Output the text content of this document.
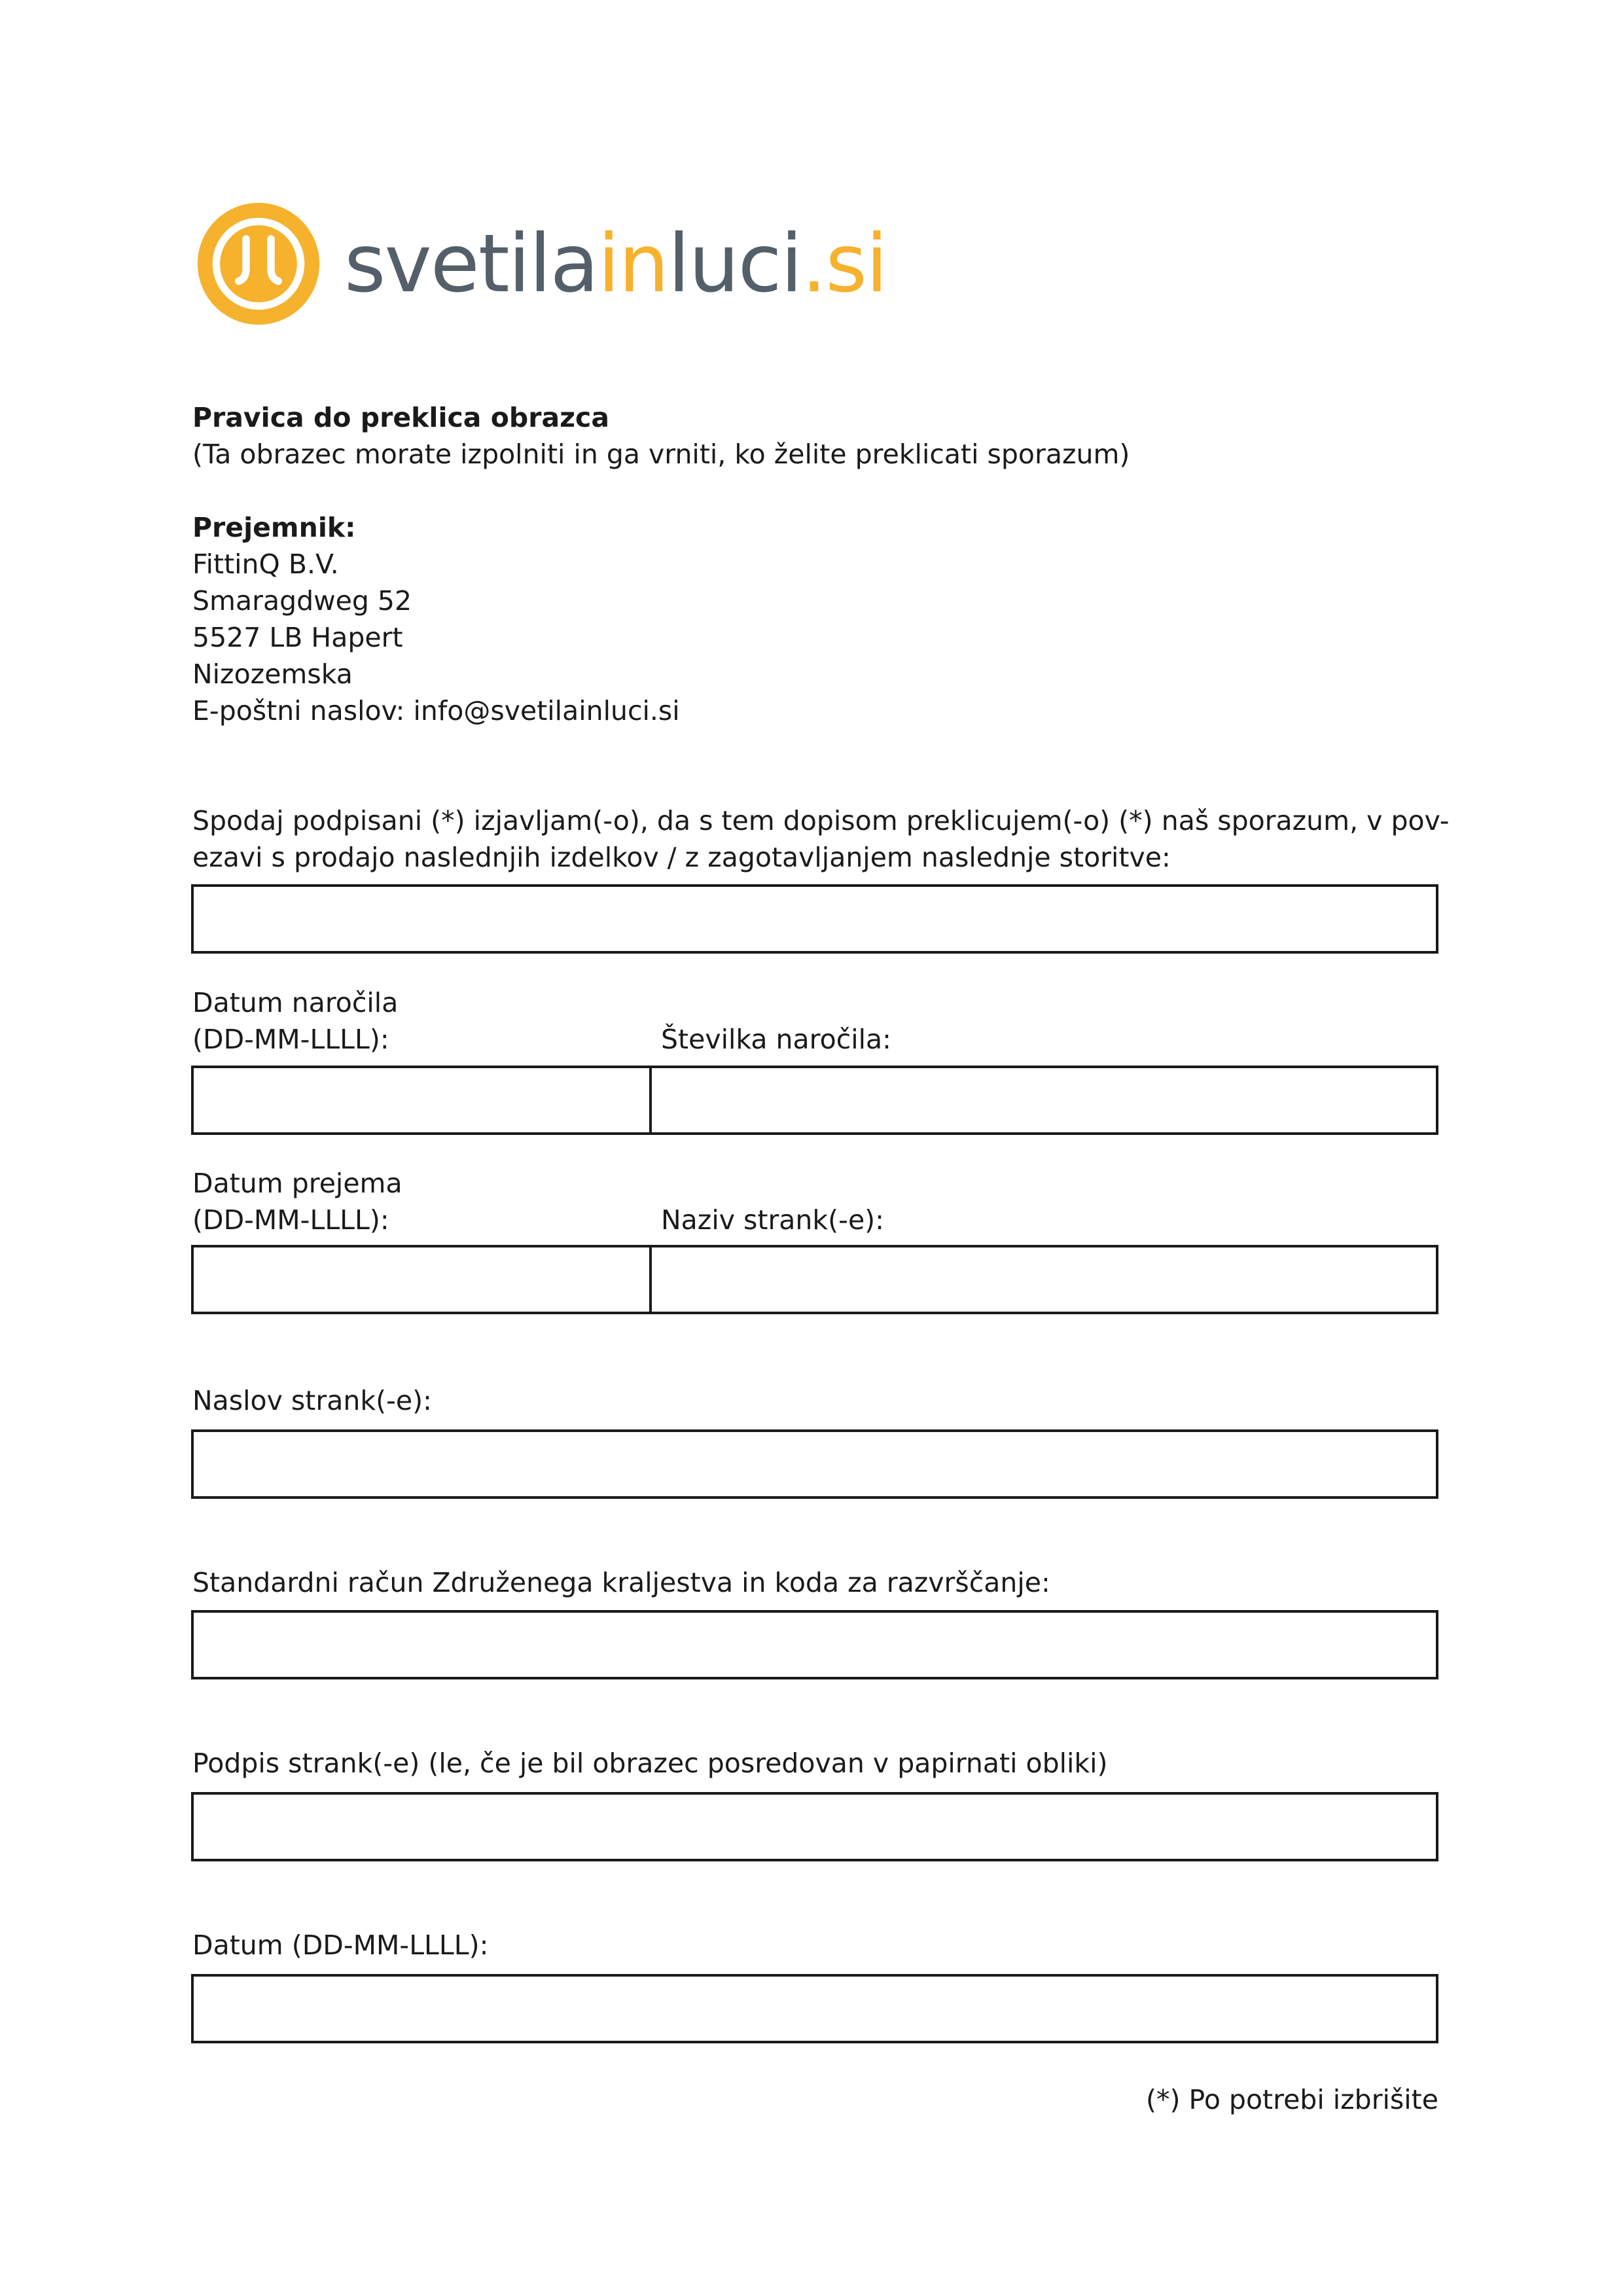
svetilainluci.si
Pravica do preklica obrazca
(Ta obrazec morate izpolniti in ga vrniti, ko želite preklicati sporazum)
Prejemnik:
FittinQ B.V.
Smaragdweg 52
5527 LB Hapert
Nizozemska
E-poštni naslov: info@svetilainluci.si
Spodaj podpisani (*) izjavljam(-o), da s tem dopisom preklicujem(-o) (*) naš sporazum, v pov-
ezavi s prodajo naslednjih izdelkov / z zagotavljanjem naslednje storitve:
Datum naročila
(DD-MM-LLLL):	Številka naročila:
Datum prejema
(DD-MM-LLLL):	Naziv strank(-e):
Naslov strank(-e):
Standardni račun Združenega kraljestva in koda za razvrščanje:
Podpis strank(-e) (le, če je bil obrazec posredovan v papirnati obliki)
Datum (DD-MM-LLLL):
(*) Po potrebi izbrišite
